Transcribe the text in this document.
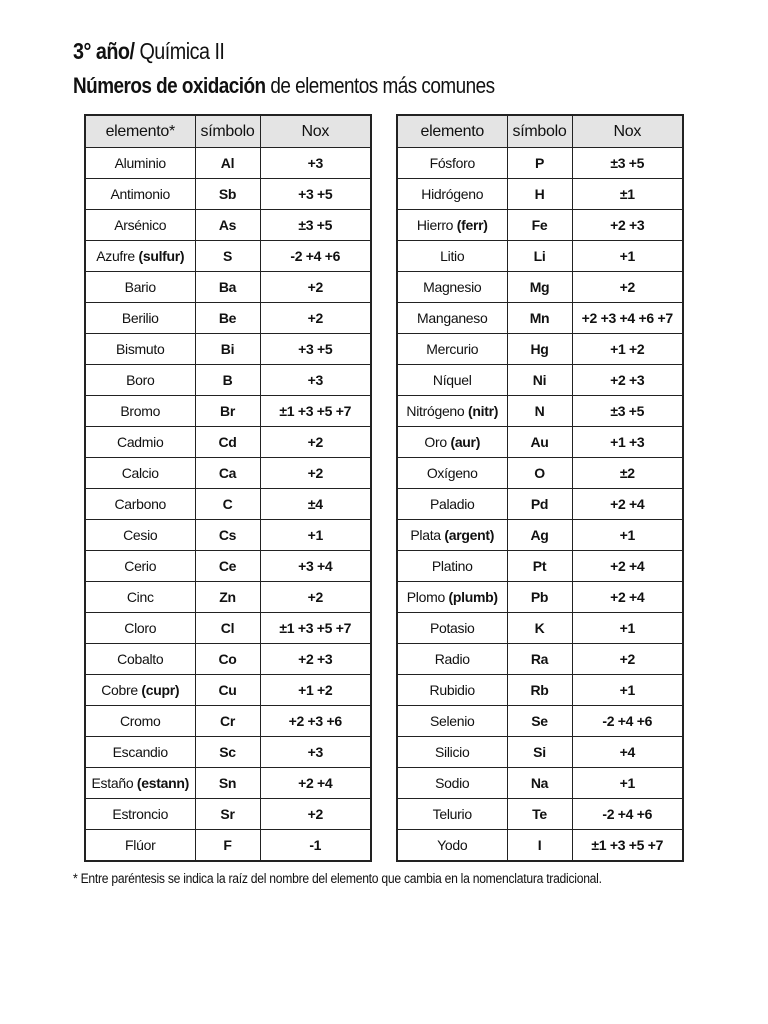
3° año/ Química II
Números de oxidación de elementos más comunes
elemento*	símbolo	Nox
Aluminio	Al	+3
Antimonio	Sb	+3 +5
Arsénico	As	±3 +5
Azufre (sulfur)	S	-2 +4 +6
Bario	Ba	+2
Berilio	Be	+2
Bismuto	Bi	+3 +5
Boro	B	+3
Bromo	Br	±1 +3 +5 +7
Cadmio	Cd	+2
Calcio	Ca	+2
Carbono	C	±4
Cesio	Cs	+1
Cerio	Ce	+3 +4
Cinc	Zn	+2
Cloro	Cl	±1 +3 +5 +7
Cobalto	Co	+2 +3
Cobre (cupr)	Cu	+1 +2
Cromo	Cr	+2 +3 +6
Escandio	Sc	+3
Estaño (estann)	Sn	+2 +4
Estroncio	Sr	+2
Flúor	F	-1
elemento	símbolo	Nox
Fósforo	P	±3 +5
Hidrógeno	H	±1
Hierro (ferr)	Fe	+2 +3
Litio	Li	+1
Magnesio	Mg	+2
Manganeso	Mn	+2 +3 +4 +6 +7
Mercurio	Hg	+1 +2
Níquel	Ni	+2 +3
Nitrógeno (nitr)	N	±3 +5
Oro (aur)	Au	+1 +3
Oxígeno	O	±2
Paladio	Pd	+2 +4
Plata (argent)	Ag	+1
Platino	Pt	+2 +4
Plomo (plumb)	Pb	+2 +4
Potasio	K	+1
Radio	Ra	+2
Rubidio	Rb	+1
Selenio	Se	-2 +4 +6
Silicio	Si	+4
Sodio	Na	+1
Telurio	Te	-2 +4 +6
Yodo	I	±1 +3 +5 +7
* Entre paréntesis se indica la raíz del nombre del elemento que cambia en la nomenclatura tradicional.
